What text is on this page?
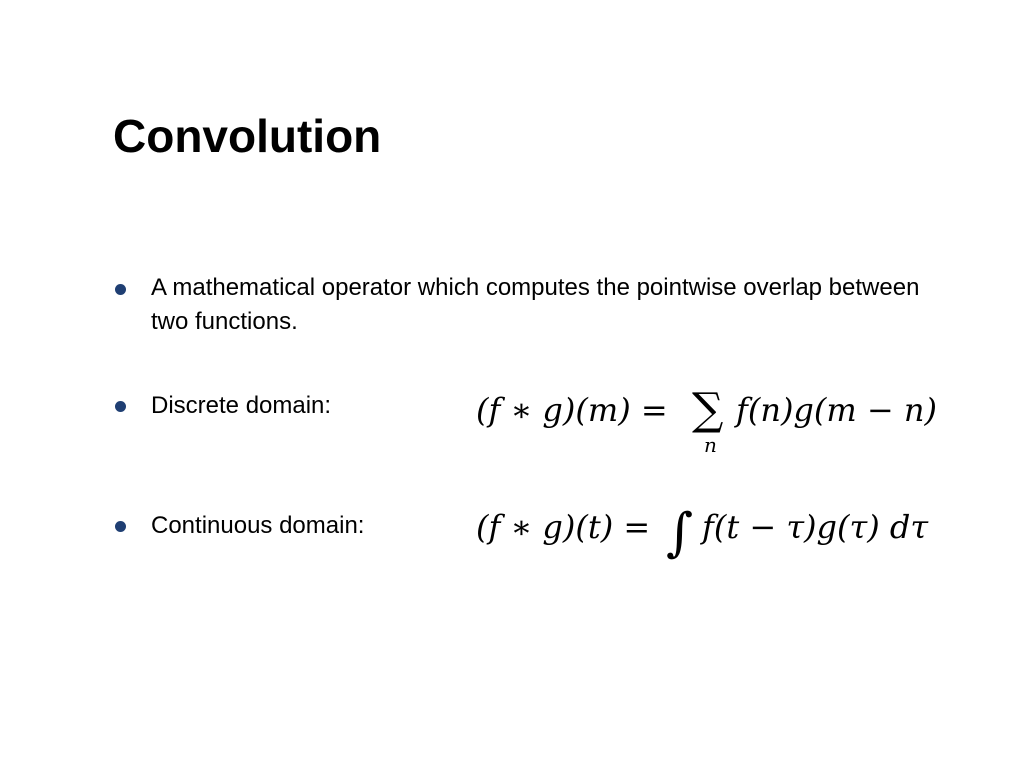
Convolution
A mathematical operator which computes the pointwise overlap between two functions.
Discrete domain:	(f ∗ g)(m) = ∑
n
f(n)g(m − n)
Continuous domain:	(f ∗ g)(t) = ∫ f(t − τ)g(τ) dτ
